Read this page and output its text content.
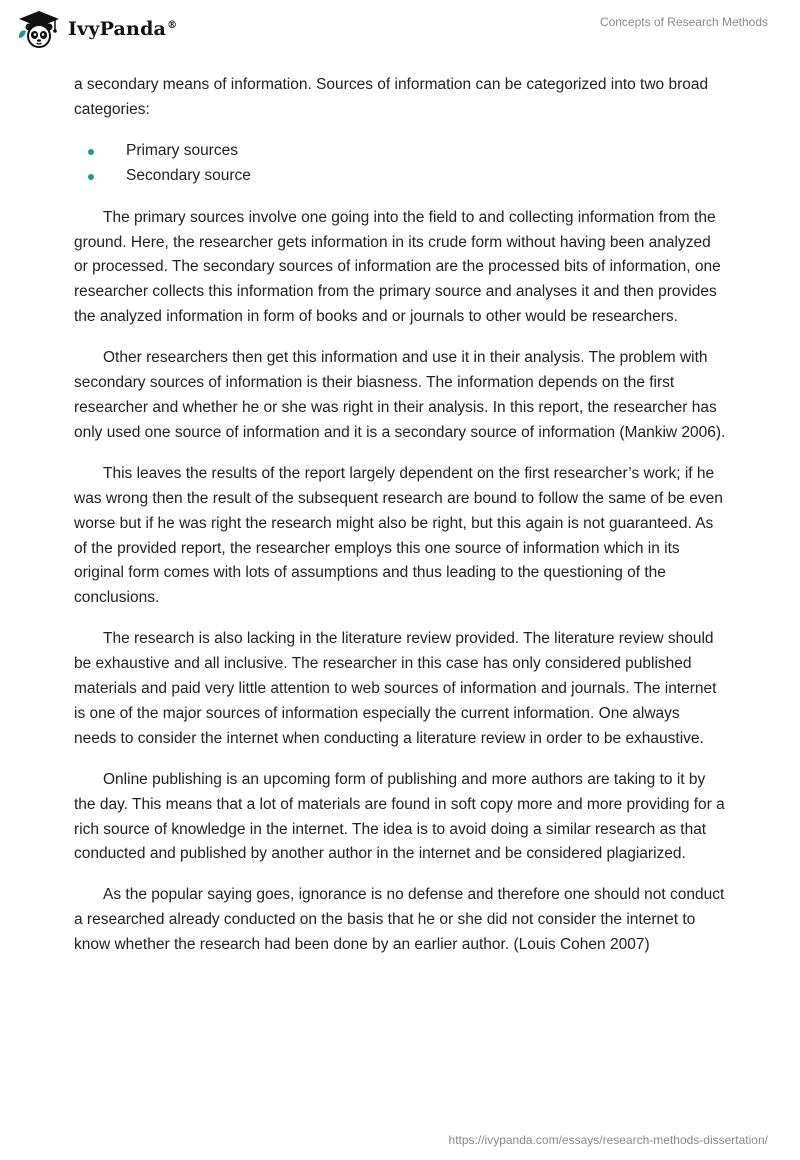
IvyPanda®	Concepts of Research Methods

a secondary means of information. Sources of information can be categorized into two broad categories:

Primary sources
Secondary source

The primary sources involve one going into the field to and collecting information from the ground. Here, the researcher gets information in its crude form without having been analyzed or processed. The secondary sources of information are the processed bits of information, one researcher collects this information from the primary source and analyses it and then provides the analyzed information in form of books and or journals to other would be researchers.

Other researchers then get this information and use it in their analysis. The problem with secondary sources of information is their biasness. The information depends on the first researcher and whether he or she was right in their analysis. In this report, the researcher has only used one source of information and it is a secondary source of information (Mankiw 2006).

This leaves the results of the report largely dependent on the first researcher’s work; if he was wrong then the result of the subsequent research are bound to follow the same of be even worse but if he was right the research might also be right, but this again is not guaranteed. As of the provided report, the researcher employs this one source of information which in its original form comes with lots of assumptions and thus leading to the questioning of the conclusions.

The research is also lacking in the literature review provided. The literature review should be exhaustive and all inclusive. The researcher in this case has only considered published materials and paid very little attention to web sources of information and journals. The internet is one of the major sources of information especially the current information. One always needs to consider the internet when conducting a literature review in order to be exhaustive.

Online publishing is an upcoming form of publishing and more authors are taking to it by the day. This means that a lot of materials are found in soft copy more and more providing for a rich source of knowledge in the internet. The idea is to avoid doing a similar research as that conducted and published by another author in the internet and be considered plagiarized.

As the popular saying goes, ignorance is no defense and therefore one should not conduct a researched already conducted on the basis that he or she did not consider the internet to know whether the research had been done by an earlier author. (Louis Cohen 2007)

https://ivypanda.com/essays/research-methods-dissertation/
